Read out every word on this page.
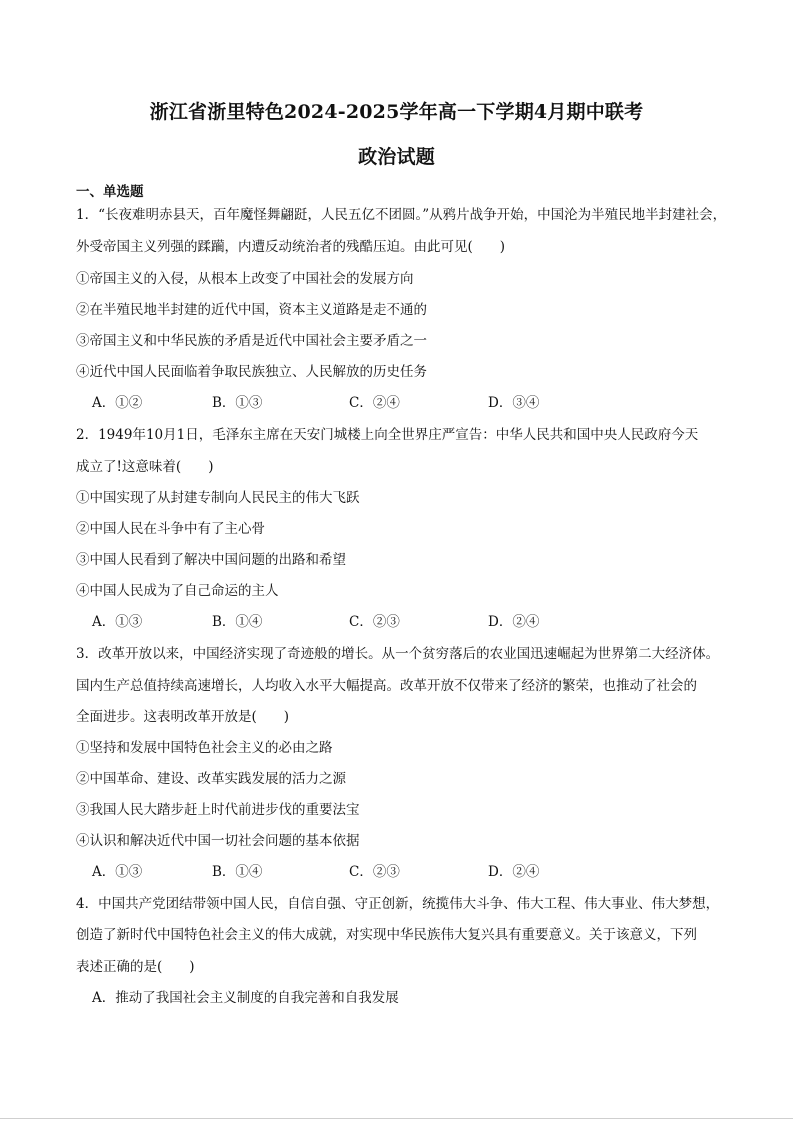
浙江省浙里特色2024-2025学年高一下学期4月期中联考
政治试题
一、单选题
1．“长夜难明赤县天，百年魔怪舞翩跹，人民五亿不团圆。”从鸦片战争开始，中国沦为半殖民地半封建社会，
外受帝国主义列强的蹂躏，内遭反动统治者的残酷压迫。由此可见(　　)
①帝国主义的入侵，从根本上改变了中国社会的发展方向
②在半殖民地半封建的近代中国，资本主义道路是走不通的
③帝国主义和中华民族的矛盾是近代中国社会主要矛盾之一
④近代中国人民面临着争取民族独立、人民解放的历史任务
A．①②	B．①③	C．②④	D．③④
2．1949年10月1日，毛泽东主席在天安门城楼上向全世界庄严宣告：中华人民共和国中央人民政府今天
成立了!这意味着(　　)
①中国实现了从封建专制向人民民主的伟大飞跃
②中国人民在斗争中有了主心骨
③中国人民看到了解决中国问题的出路和希望
④中国人民成为了自己命运的主人
A．①③	B．①④	C．②③	D．②④
3．改革开放以来，中国经济实现了奇迹般的增长。从一个贫穷落后的农业国迅速崛起为世界第二大经济体。
国内生产总值持续高速增长，人均收入水平大幅提高。改革开放不仅带来了经济的繁荣，也推动了社会的
全面进步。这表明改革开放是(　　)
①坚持和发展中国特色社会主义的必由之路
②中国革命、建设、改革实践发展的活力之源
③我国人民大踏步赶上时代前进步伐的重要法宝
④认识和解决近代中国一切社会问题的基本依据
A．①③	B．①④	C．②③	D．②④
4．中国共产党团结带领中国人民，自信自强、守正创新，统揽伟大斗争、伟大工程、伟大事业、伟大梦想，
创造了新时代中国特色社会主义的伟大成就，对实现中华民族伟大复兴具有重要意义。关于该意义，下列
表述正确的是(　　)
A．推动了我国社会主义制度的自我完善和自我发展
